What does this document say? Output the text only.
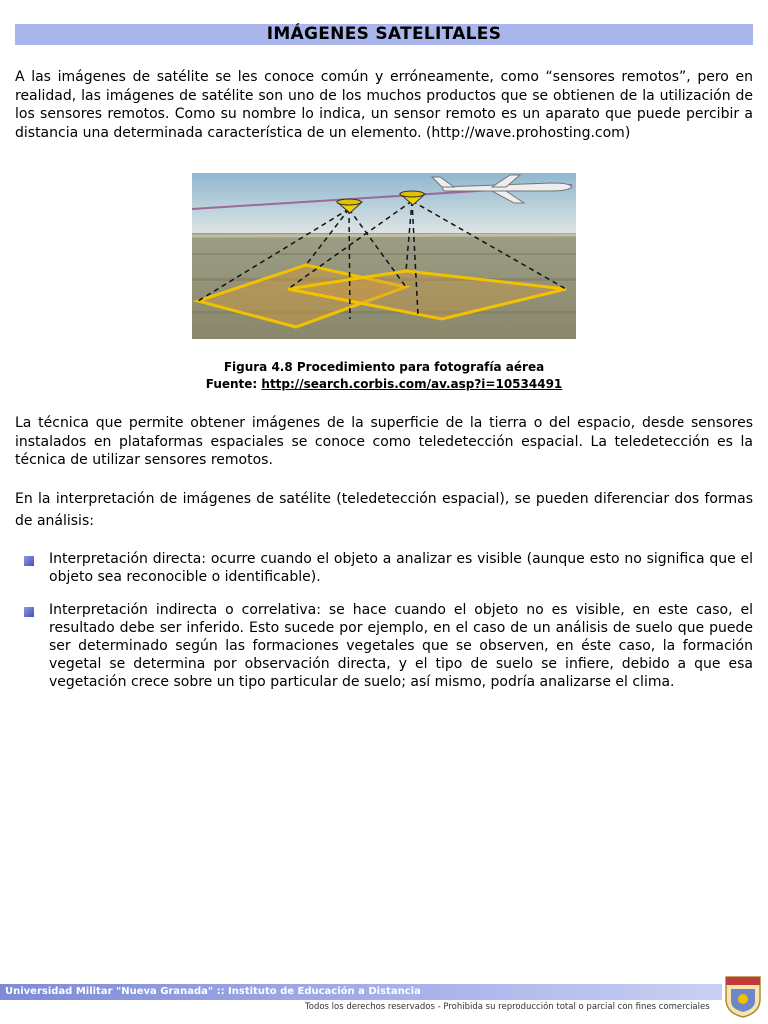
IMÁGENES SATELITALES
A las imágenes de satélite se les conoce común y erróneamente, como “sensores remotos”, pero en realidad, las imágenes de satélite son uno de los muchos productos que se obtienen de la utilización de los sensores remotos. Como su nombre lo indica, un sensor remoto es un aparato que puede percibir a distancia una determinada característica de un elemento. (http://wave.prohosting.com)
Figura 4.8 Procedimiento para fotografía aérea
Fuente: http://search.corbis.com/av.asp?i=10534491
La técnica que permite obtener imágenes de la superficie de la tierra o del espacio, desde sensores instalados en plataformas espaciales se conoce como teledetección espacial. La teledetección es la técnica de utilizar sensores remotos.
En la interpretación de imágenes de satélite (teledetección espacial), se pueden diferenciar dos formas de análisis:
Interpretación directa: ocurre cuando el objeto a analizar es visible (aunque esto no significa que el objeto sea reconocible o identificable).
Interpretación indirecta o correlativa: se hace cuando el objeto no es visible, en este caso, el resultado debe ser inferido. Esto sucede por ejemplo, en el caso de un análisis de suelo que puede ser determinado según las formaciones vegetales que se observen, en éste caso, la formación vegetal se determina por observación directa, y el tipo de suelo se infiere, debido a que esa vegetación crece sobre un tipo particular de suelo; así mismo, podría analizarse el clima.
Universidad Militar "Nueva Granada" :: Instituto de Educación a Distancia
Todos los derechos reservados - Prohibida su reproducción total o parcial con fines comerciales
